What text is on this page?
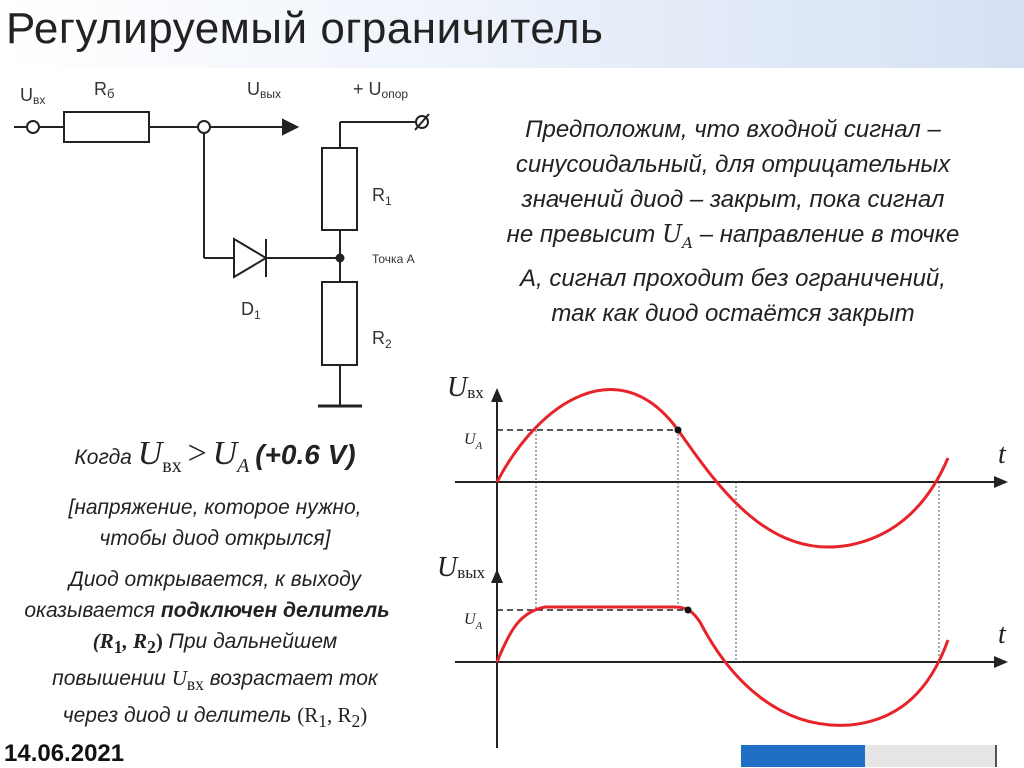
Регулируемый ограничитель
Uвх
Rб	Uвых	+ Uопор
$R_1$
$R_2$
$D_1$
Точка А
Uвх
$U_A$	t
Uвых
$U_A$	t
Предположим, что входной сигнал –
синусоидальный, для отрицательных
значений диод – закрыт, пока сигнал
не превысит $U_A$ – направление в точке
А, сигнал проходит без ограничений,
так как диод остаётся закрыт
Когда $U_{вх} > U_A$ (+0.6 V)
[напряжение, которое нужно,
чтобы диод открылся]
Диод открывается, к выходу
оказывается подключен делитель
($R_1$, $R_2$) При дальнейшем
повышении $U_{вх}$ возрастает ток
через диод и делитель ($R_1$, $R_2$)
14.06.2021
